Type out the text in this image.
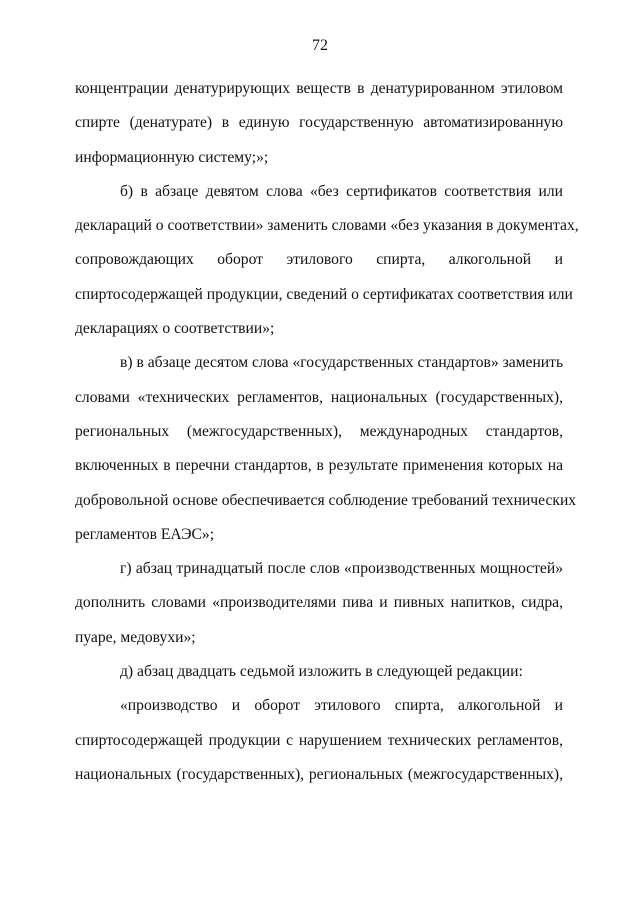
72
концентрации денатурирующих веществ в денатурированном этиловом
спирте (денатурате) в единую государственную автоматизированную
информационную систему;»;
б) в абзаце девятом слова «без сертификатов соответствия или
деклараций о соответствии» заменить словами «без указания в документах,
сопровождающих оборот этилового спирта, алкогольной и
спиртосодержащей продукции, сведений о сертификатах соответствия или
декларациях о соответствии»;
в) в абзаце десятом слова «государственных стандартов» заменить
словами «технических регламентов, национальных (государственных),
региональных (межгосударственных), международных стандартов,
включенных в перечни стандартов, в результате применения которых на
добровольной основе обеспечивается соблюдение требований технических
регламентов ЕАЭС»;
г) абзац тринадцатый после слов «производственных мощностей»
дополнить словами «производителями пива и пивных напитков, сидра,
пуаре, медовухи»;
д) абзац двадцать седьмой изложить в следующей редакции:
«производство и оборот этилового спирта, алкогольной и
спиртосодержащей продукции с нарушением технических регламентов,
национальных (государственных), региональных (межгосударственных),
